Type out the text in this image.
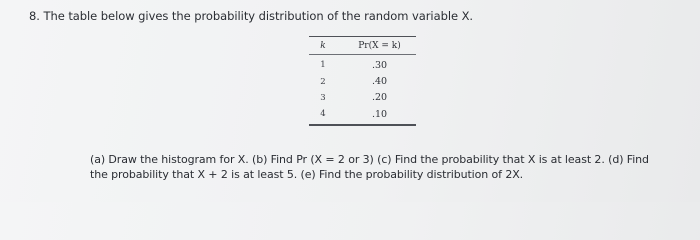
8. The table below gives the probability distribution of the random variable X.
k	Pr(X = k)
1	.30
2	.40
3	.20
4	.10
(a) Draw the histogram for X. (b) Find Pr (X = 2 or 3) (c) Find the probability that X is at least 2. (d) Find
the probability that X + 2 is at least 5. (e) Find the probability distribution of 2X.
